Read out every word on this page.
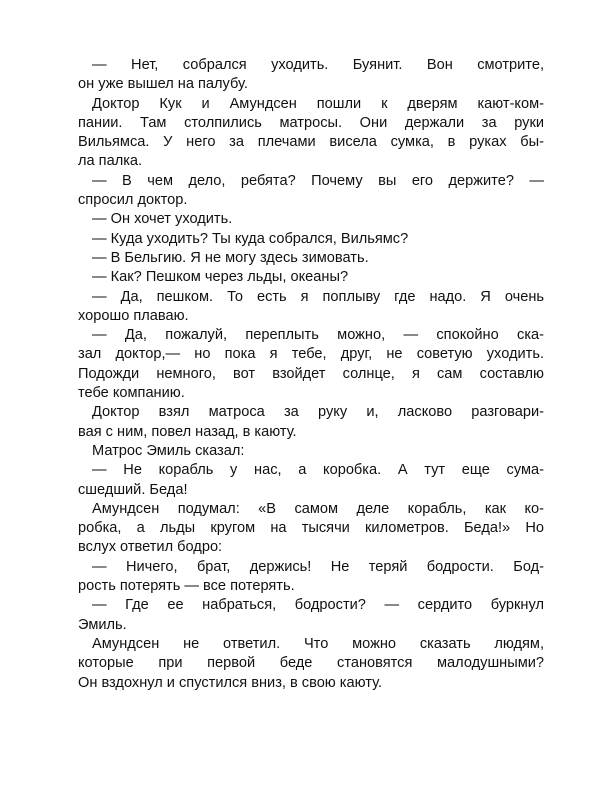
— Нет, собрался уходить. Буянит. Вон смотрите,
он уже вышел на палубу.
Доктор Кук и Амундсен пошли к дверям кают-ком-
пании. Там столпились матросы. Они держали за руки
Вильямса. У него за плечами висела сумка, в руках бы-
ла палка.
— В чем дело, ребята? Почему вы его держите? —
спросил доктор.
— Он хочет уходить.
— Куда уходить? Ты куда собрался, Вильямс?
— В Бельгию. Я не могу здесь зимовать.
— Как? Пешком через льды, океаны?
— Да, пешком. То есть я поплыву где надо. Я очень
хорошо плаваю.
— Да, пожалуй, переплыть можно, — спокойно ска-
зал доктор,— но пока я тебе, друг, не советую уходить.
Подожди немного, вот взойдет солнце, я сам составлю
тебе компанию.
Доктор взял матроса за руку и, ласково разговари-
вая с ним, повел назад, в каюту.
Матрос Эмиль сказал:
— Не корабль у нас, а коробка. А тут еще сума-
сшедший. Беда!
Амундсен подумал: «В самом деле корабль, как ко-
робка, а льды кругом на тысячи километров. Беда!» Но
вслух ответил бодро:
— Ничего, брат, держись! Не теряй бодрости. Бод-
рость потерять — все потерять.
— Где ее набраться, бодрости? — сердито буркнул
Эмиль.
Амундсен не ответил. Что можно сказать людям,
которые при первой беде становятся малодушными?
Он вздохнул и спустился вниз, в свою каюту.
